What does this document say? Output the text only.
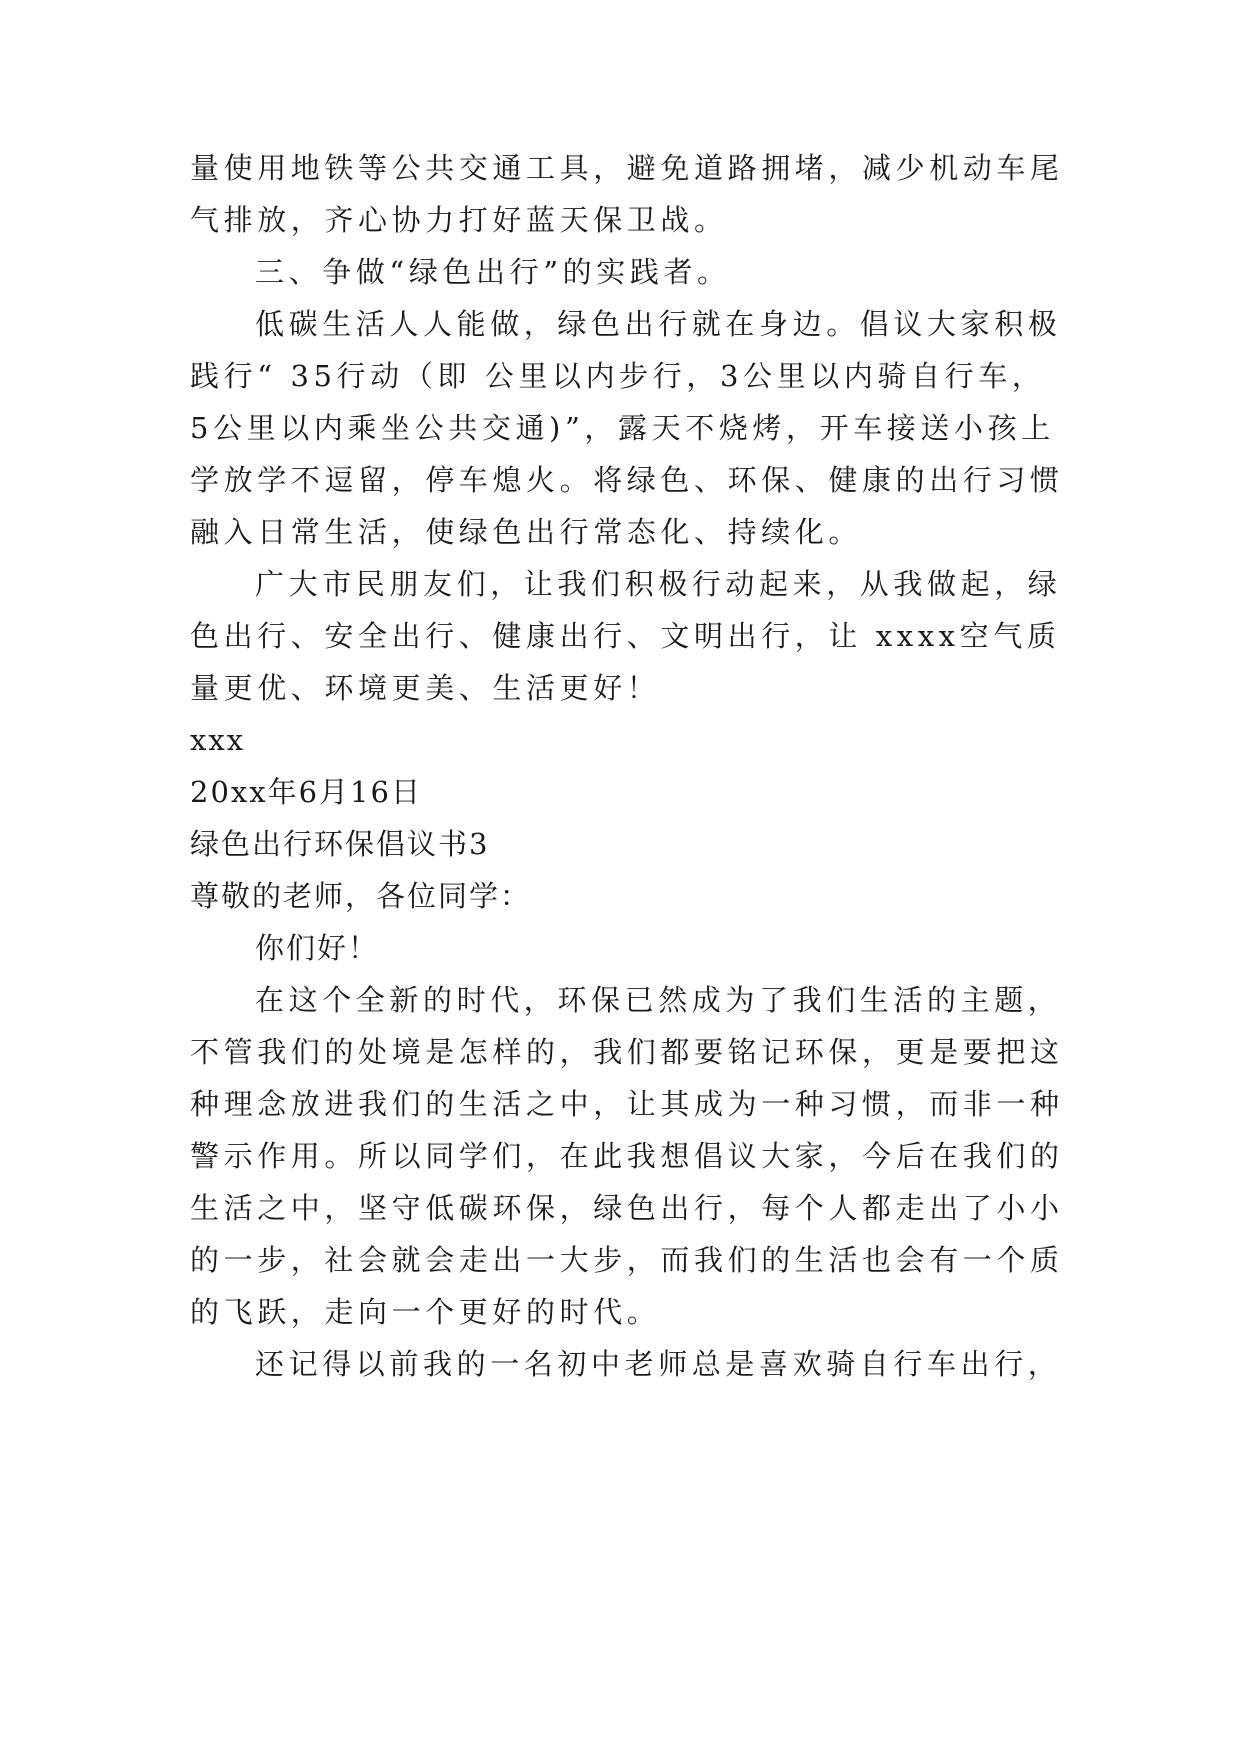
量使用地铁等公共交通工具，避免道路拥堵，减少机动车尾
气排放，齐心协力打好蓝天保卫战。
三、争做“绿色出行”的实践者。
低碳生活人人能做，绿色出行就在身边。倡议大家积极
践行“ 35行动（即 公里以内步行，3公里以内骑自行车，
5公里以内乘坐公共交通)”，露天不烧烤，开车接送小孩上
学放学不逗留，停车熄火。将绿色、环保、健康的出行习惯
融入日常生活，使绿色出行常态化、持续化。
广大市民朋友们，让我们积极行动起来，从我做起，绿
色出行、安全出行、健康出行、文明出行，让 xxxx空气质
量更优、环境更美、生活更好！
xxx
20xx年6月16日
绿色出行环保倡议书3
尊敬的老师，各位同学：
你们好！
在这个全新的时代，环保已然成为了我们生活的主题，
不管我们的处境是怎样的，我们都要铭记环保，更是要把这
种理念放进我们的生活之中，让其成为一种习惯，而非一种
警示作用。所以同学们，在此我想倡议大家，今后在我们的
生活之中，坚守低碳环保，绿色出行，每个人都走出了小小
的一步，社会就会走出一大步，而我们的生活也会有一个质
的飞跃，走向一个更好的时代。
还记得以前我的一名初中老师总是喜欢骑自行车出行，
